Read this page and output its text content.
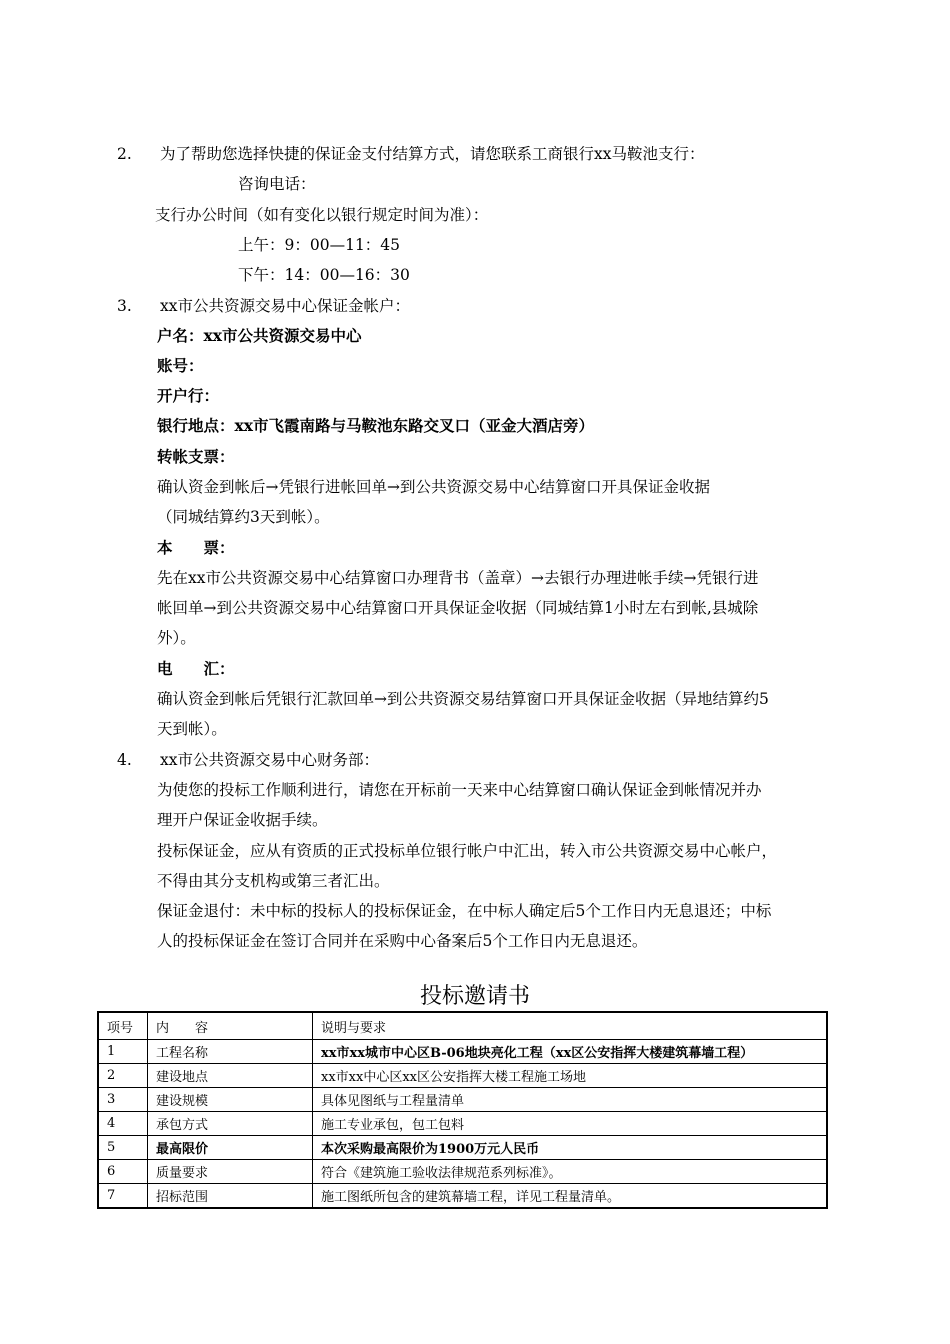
2. 为了帮助您选择快捷的保证金支付结算方式，请您联系工商银行xx马鞍池支行：
咨询电话：
支行办公时间（如有变化以银行规定时间为准）：
上午：9：00—11：45
下午：14：00—16：30
3. xx市公共资源交易中心保证金帐户：
户名：xx市公共资源交易中心
账号：
开户行：
银行地点：xx市飞霞南路与马鞍池东路交叉口（亚金大酒店旁）
转帐支票：
确认资金到帐后→凭银行进帐回单→到公共资源交易中心结算窗口开具保证金收据
（同城结算约3天到帐）。
本　　票：
先在xx市公共资源交易中心结算窗口办理背书（盖章）→去银行办理进帐手续→凭银行进
帐回单→到公共资源交易中心结算窗口开具保证金收据（同城结算1小时左右到帐,县城除
外）。
电　　汇：
确认资金到帐后凭银行汇款回单→到公共资源交易结算窗口开具保证金收据（异地结算约5
天到帐）。
4. xx市公共资源交易中心财务部：
为使您的投标工作顺利进行，请您在开标前一天来中心结算窗口确认保证金到帐情况并办
理开户保证金收据手续。
投标保证金，应从有资质的正式投标单位银行帐户中汇出，转入市公共资源交易中心帐户，
不得由其分支机构或第三者汇出。
保证金退付：未中标的投标人的投标保证金，在中标人确定后5个工作日内无息退还；中标
人的投标保证金在签订合同并在采购中心备案后5个工作日内无息退还。
投标邀请书
项号	内　　容	说明与要求
1	工程名称	xx市xx城市中心区B-06地块亮化工程（xx区公安指挥大楼建筑幕墙工程）
2	建设地点	xx市xx中心区xx区公安指挥大楼工程施工场地
3	建设规模	具体见图纸与工程量清单
4	承包方式	施工专业承包，包工包料
5	最高限价	本次采购最高限价为1900万元人民币
6	质量要求	符合《建筑施工验收法律规范系列标准》。
7	招标范围	施工图纸所包含的建筑幕墙工程，详见工程量清单。
